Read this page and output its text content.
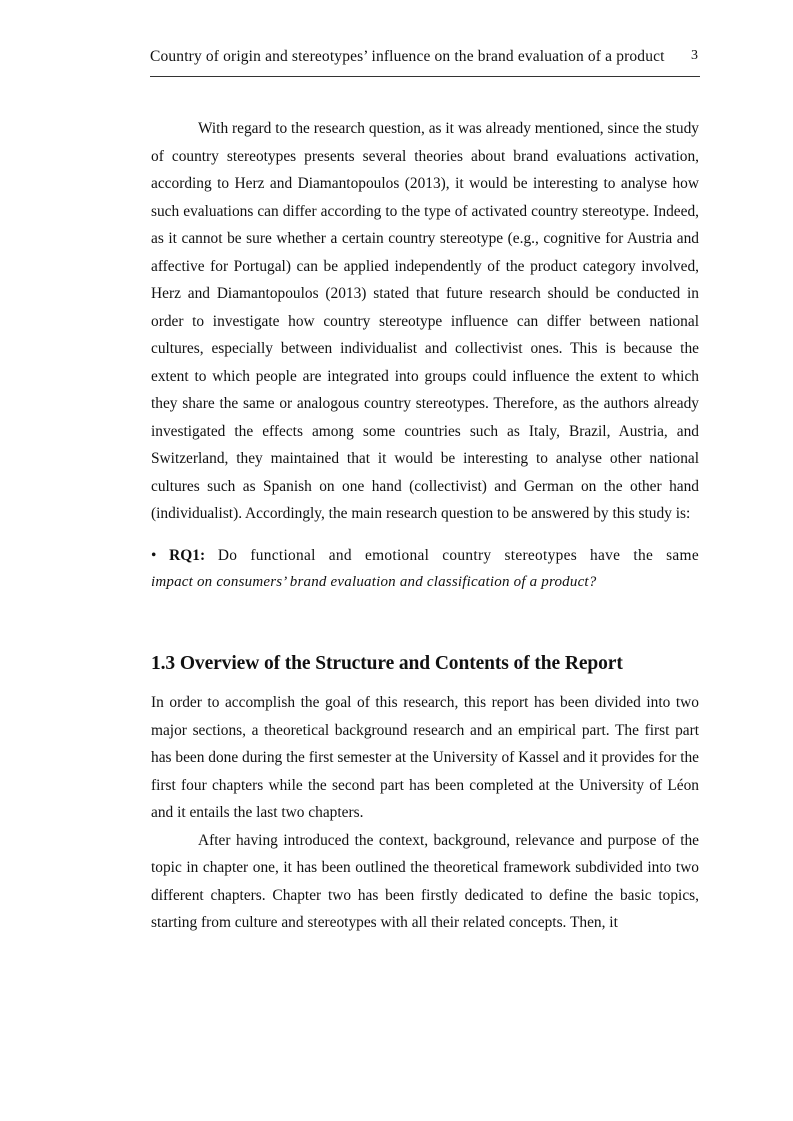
Country of origin and stereotypes’ influence on the brand evaluation of a product 3

With regard to the research question, as it was already mentioned, since the study of country stereotypes presents several theories about brand evaluations activation, according to Herz and Diamantopoulos (2013), it would be interesting to analyse how such evaluations can differ according to the type of activated country stereotype. Indeed, as it cannot be sure whether a certain country stereotype (e.g., cognitive for Austria and affective for Portugal) can be applied independently of the product category involved, Herz and Diamantopoulos (2013) stated that future research should be conducted in order to investigate how country stereotype influence can differ between national cultures, especially between individualist and collectivist ones. This is because the extent to which people are integrated into groups could influence the extent to which they share the same or analogous country stereotypes. Therefore, as the authors already investigated the effects among some countries such as Italy, Brazil, Austria, and Switzerland, they maintained that it would be interesting to analyse other national cultures such as Spanish on one hand (collectivist) and German on the other hand (individualist). Accordingly, the main research question to be answered by this study is:

• RQ1: Do functional and emotional country stereotypes have the same

impact on consumers’ brand evaluation and classification of a product?

1.3 Overview of the Structure and Contents of the Report

In order to accomplish the goal of this research, this report has been divided into two major sections, a theoretical background research and an empirical part. The first part has been done during the first semester at the University of Kassel and it provides for the first four chapters while the second part has been completed at the University of Léon and it entails the last two chapters.

After having introduced the context, background, relevance and purpose of the topic in chapter one, it has been outlined the theoretical framework subdivided into two different chapters. Chapter two has been firstly dedicated to define the basic topics, starting from culture and stereotypes with all their related concepts. Then, it
